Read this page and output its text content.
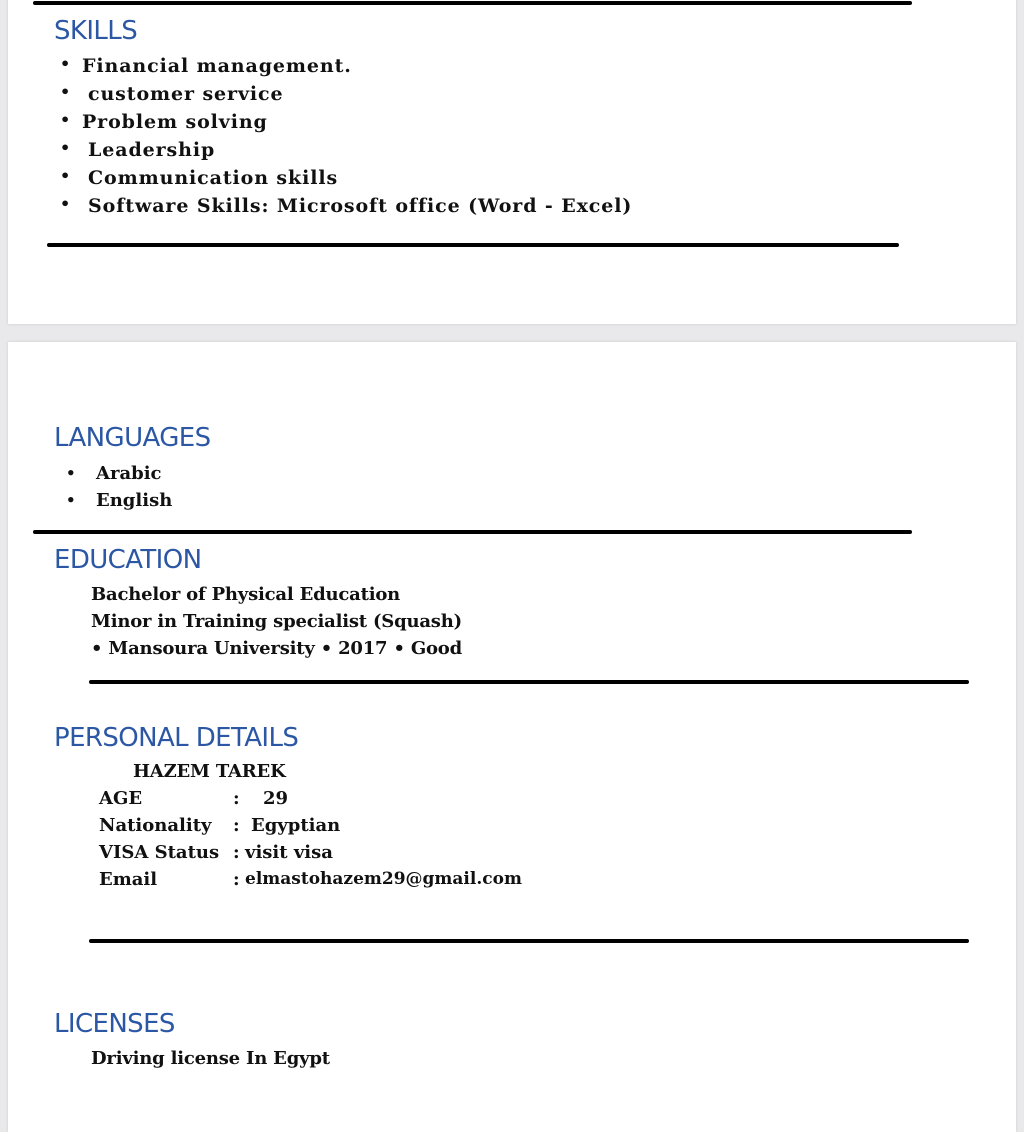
SKILLS
• Financial management.
• customer service
• Problem solving
• Leadership
• Communication skills
• Software Skills: Microsoft office (Word - Excel)
LANGUAGES
• Arabic
• English
EDUCATION
Bachelor of Physical Education
Minor in Training specialist (Squash)
• Mansoura University • 2017 • Good
PERSONAL DETAILS
HAZEM TAREK
AGE	: 29
Nationality : Egyptian
VISA Status : visit visa
Email	: elmastohazem29@gmail.com
LICENSES
Driving license In Egypt
